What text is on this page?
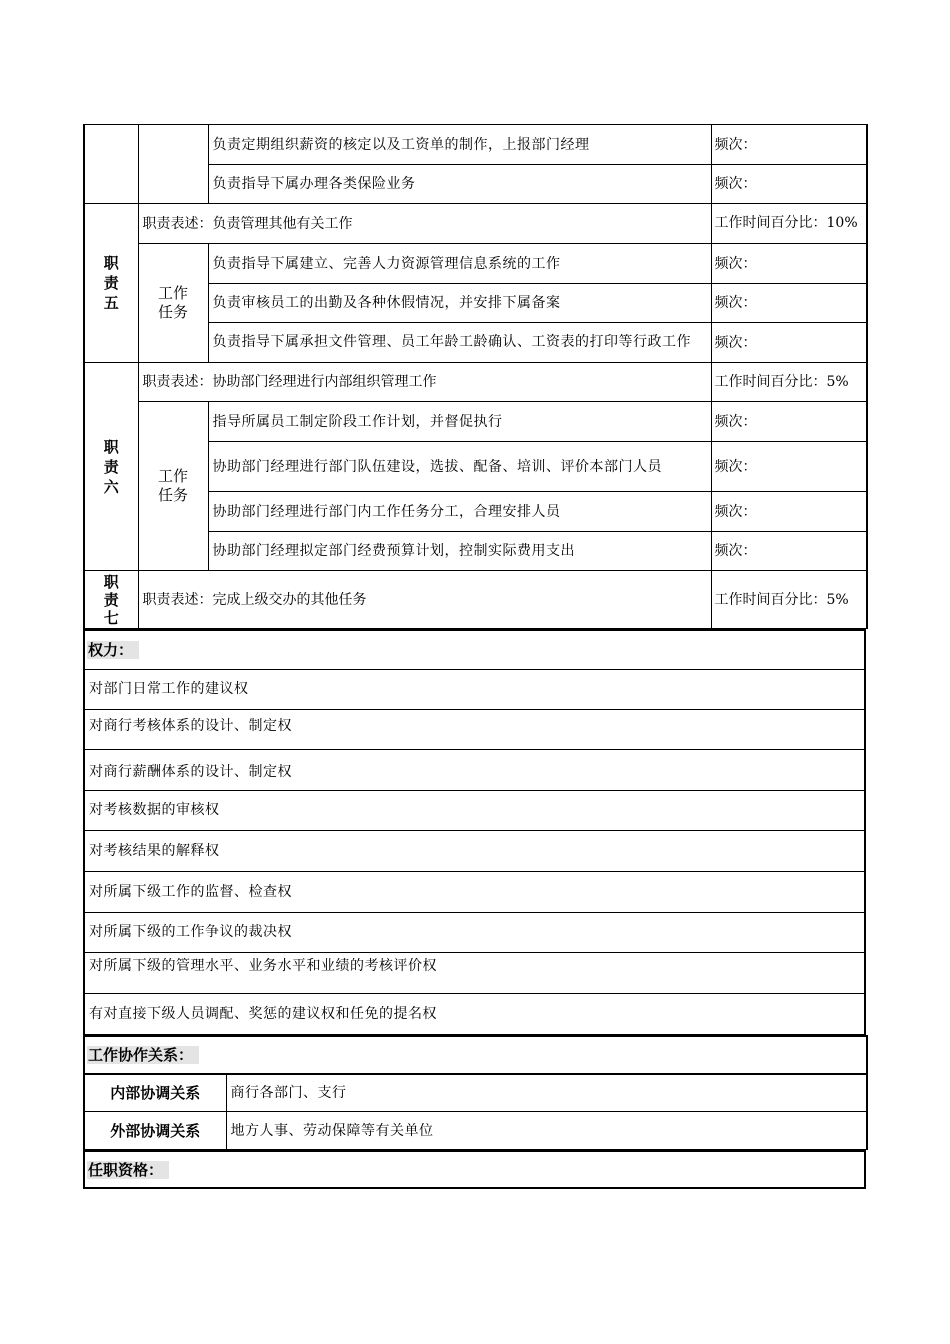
		负责定期组织薪资的核定以及工资单的制作，上报部门经理	频次：
		负责指导下属办理各类保险业务	频次：
职
责
五	职责表述：负责管理其他有关工作		工作时间百分比：10%
	工作
任务	负责指导下属建立、完善人力资源管理信息系统的工作	频次：
		负责审核员工的出勤及各种休假情况，并安排下属备案	频次：
		负责指导下属承担文件管理、员工年龄工龄确认、工资表的打印等行政工作	频次：
职
责
六	职责表述：协助部门经理进行内部组织管理工作		工作时间百分比：5%
	工作
任务	指导所属员工制定阶段工作计划，并督促执行	频次：
		协助部门经理进行部门队伍建设，选拔、配备、培训、评价本部门人员	频次：
		协助部门经理进行部门内工作任务分工，合理安排人员	频次：
		协助部门经理拟定部门经费预算计划，控制实际费用支出	频次：
职
责
七	职责表述：完成上级交办的其他任务		工作时间百分比：5%
权力：
对部门日常工作的建议权
对商行考核体系的设计、制定权
对商行薪酬体系的设计、制定权
对考核数据的审核权
对考核结果的解释权
对所属下级工作的监督、检查权
对所属下级的工作争议的裁决权
对所属下级的管理水平、业务水平和业绩的考核评价权
有对直接下级人员调配、奖惩的建议权和任免的提名权
工作协作关系：	
内部协调关系	商行各部门、支行
外部协调关系	地方人事、劳动保障等有关单位
任职资格：
